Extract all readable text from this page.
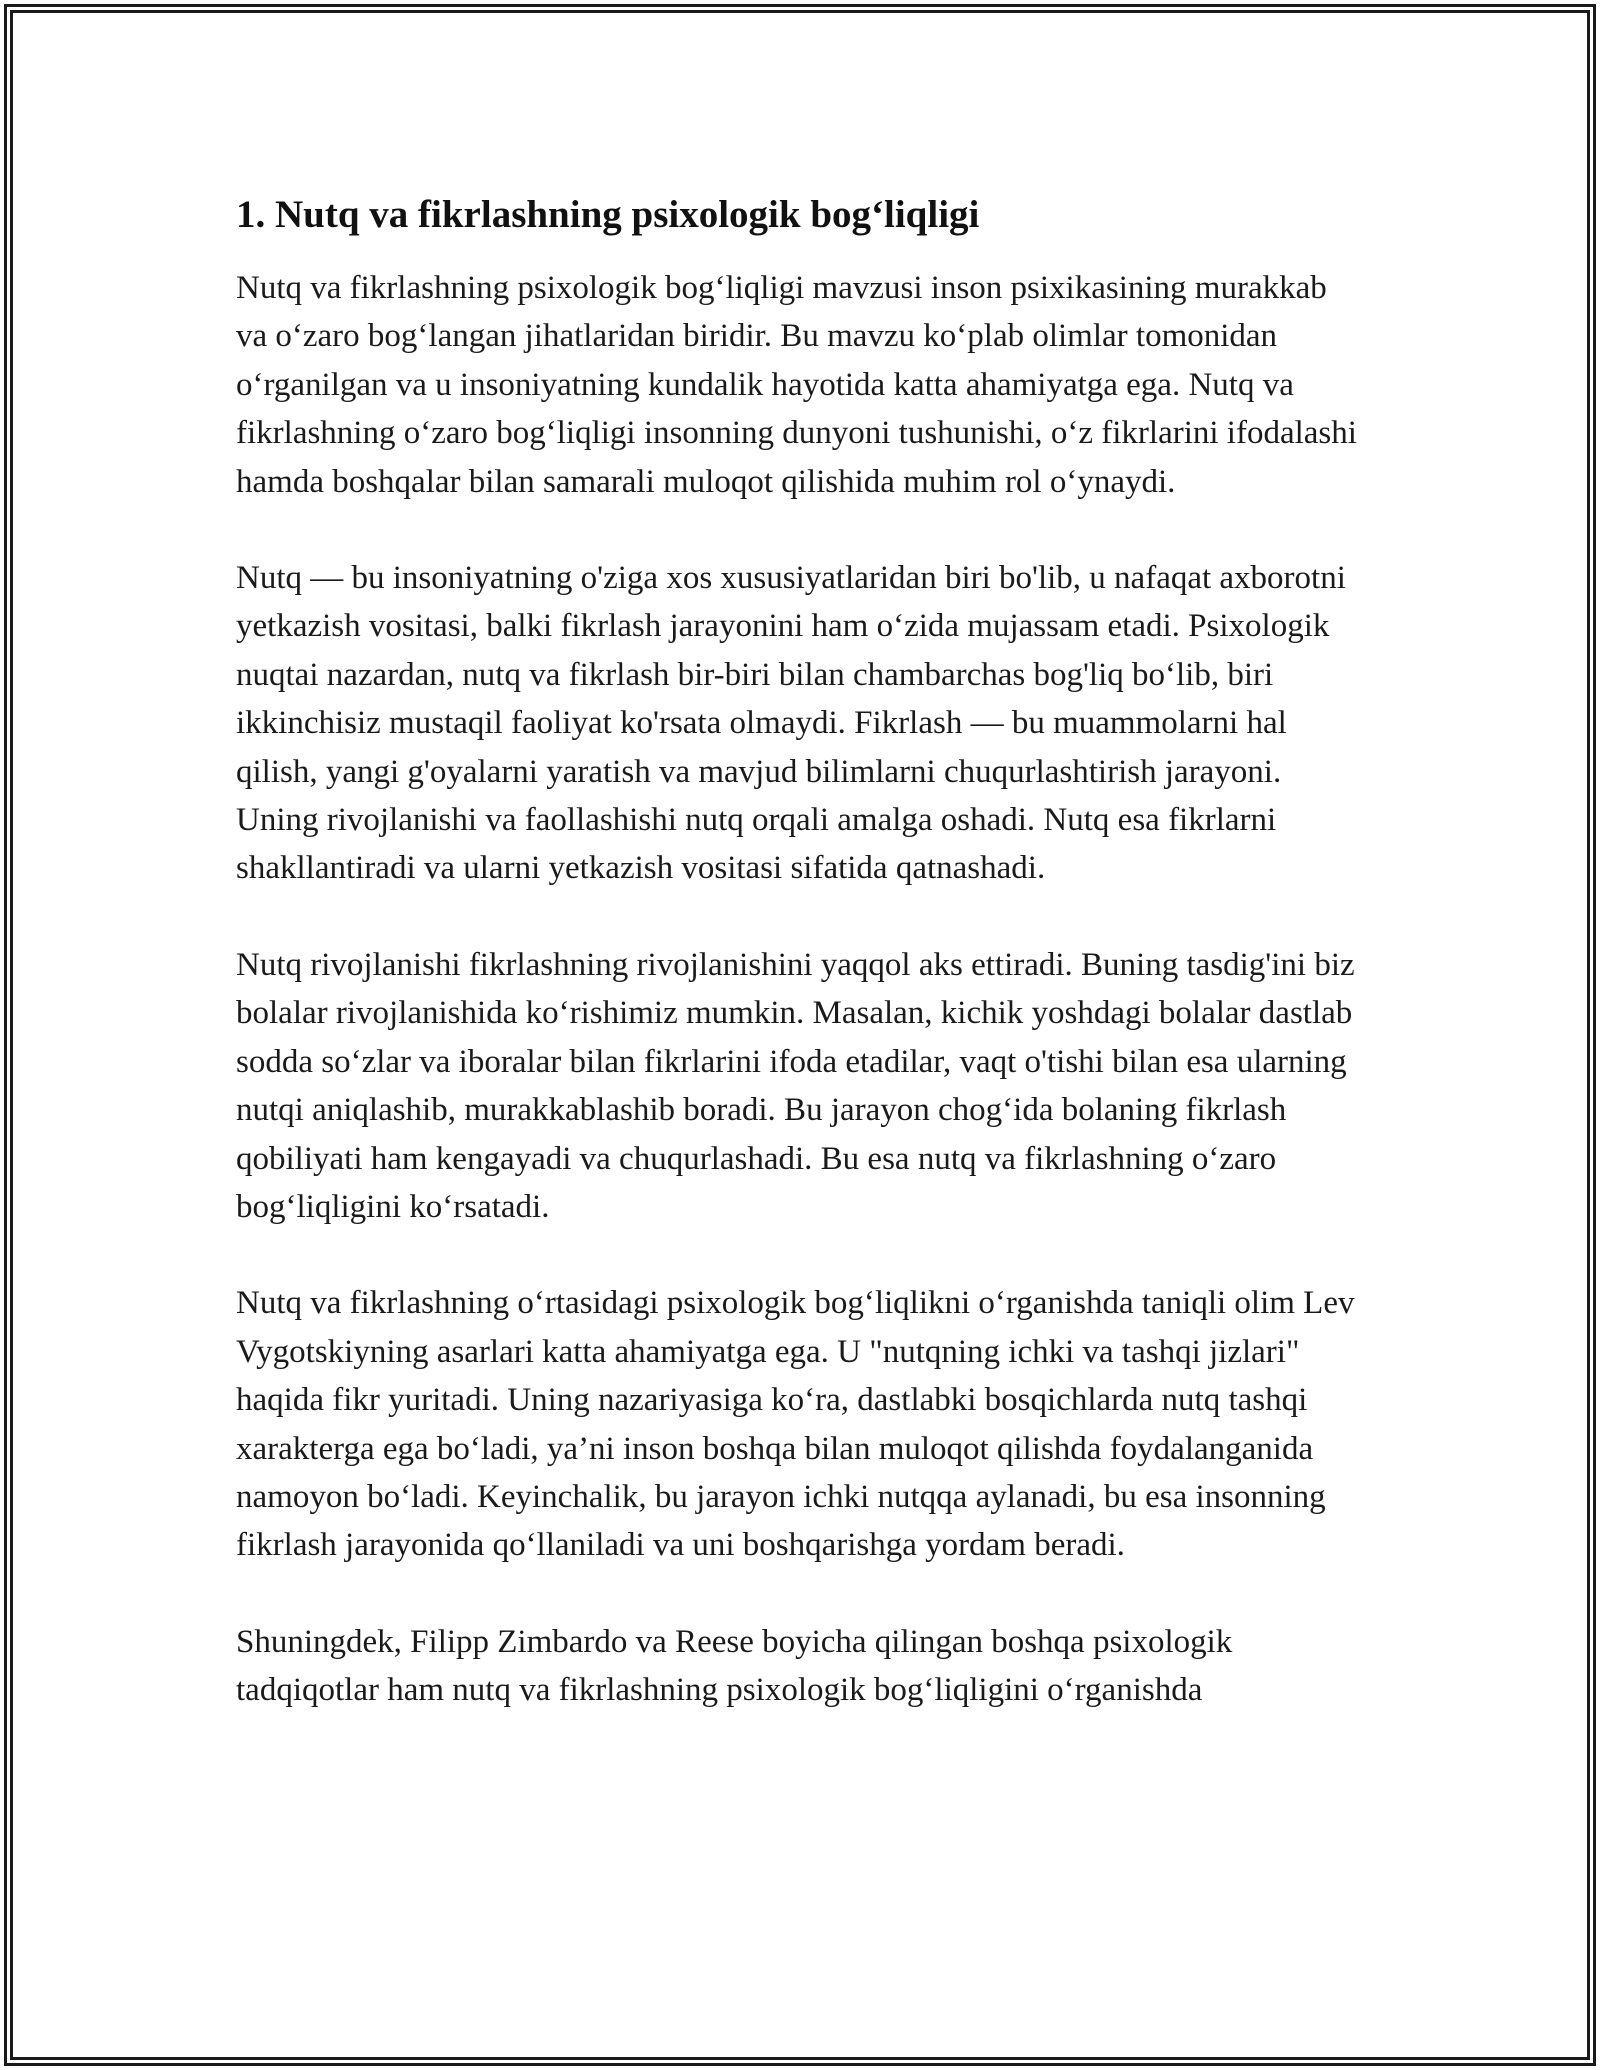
1. Nutq va fikrlashning psixologik bog‘liqligi

Nutq va fikrlashning psixologik bog‘liqligi mavzusi inson psixikasining murakkab va o‘zaro bog‘langan jihatlaridan biridir. Bu mavzu ko‘plab olimlar tomonidan o‘rganilgan va u insoniyatning kundalik hayotida katta ahamiyatga ega. Nutq va fikrlashning o‘zaro bog‘liqligi insonning dunyoni tushunishi, o‘z fikrlarini ifodalashi hamda boshqalar bilan samarali muloqot qilishida muhim rol o‘ynaydi.

Nutq — bu insoniyatning o'ziga xos xususiyatlaridan biri bo'lib, u nafaqat axborotni yetkazish vositasi, balki fikrlash jarayonini ham o‘zida mujassam etadi. Psixologik nuqtai nazardan, nutq va fikrlash bir-biri bilan chambarchas bog'liq bo‘lib, biri ikkinchisiz mustaqil faoliyat ko'rsata olmaydi. Fikrlash — bu muammolarni hal qilish, yangi g'oyalarni yaratish va mavjud bilimlarni chuqurlashtirish jarayoni. Uning rivojlanishi va faollashishi nutq orqali amalga oshadi. Nutq esa fikrlarni shakllantiradi va ularni yetkazish vositasi sifatida qatnashadi.

Nutq rivojlanishi fikrlashning rivojlanishini yaqqol aks ettiradi. Buning tasdig'ini biz bolalar rivojlanishida ko‘rishimiz mumkin. Masalan, kichik yoshdagi bolalar dastlab sodda so‘zlar va iboralar bilan fikrlarini ifoda etadilar, vaqt o'tishi bilan esa ularning nutqi aniqlashib, murakkablashib boradi. Bu jarayon chog‘ida bolaning fikrlash qobiliyati ham kengayadi va chuqurlashadi. Bu esa nutq va fikrlashning o‘zaro bog‘liqligini ko‘rsatadi.

Nutq va fikrlashning o‘rtasidagi psixologik bog‘liqlikni o‘rganishda taniqli olim Lev Vygotskiyning asarlari katta ahamiyatga ega. U "nutqning ichki va tashqi jizlari" haqida fikr yuritadi. Uning nazariyasiga ko‘ra, dastlabki bosqichlarda nutq tashqi xarakterga ega bo‘ladi, ya’ni inson boshqa bilan muloqot qilishda foydalanganida namoyon bo‘ladi. Keyinchalik, bu jarayon ichki nutqqa aylanadi, bu esa insonning fikrlash jarayonida qo‘llaniladi va uni boshqarishga yordam beradi.

Shuningdek, Filipp Zimbardo va Reese boyicha qilingan boshqa psixologik tadqiqotlar ham nutq va fikrlashning psixologik bog‘liqligini o‘rganishda
